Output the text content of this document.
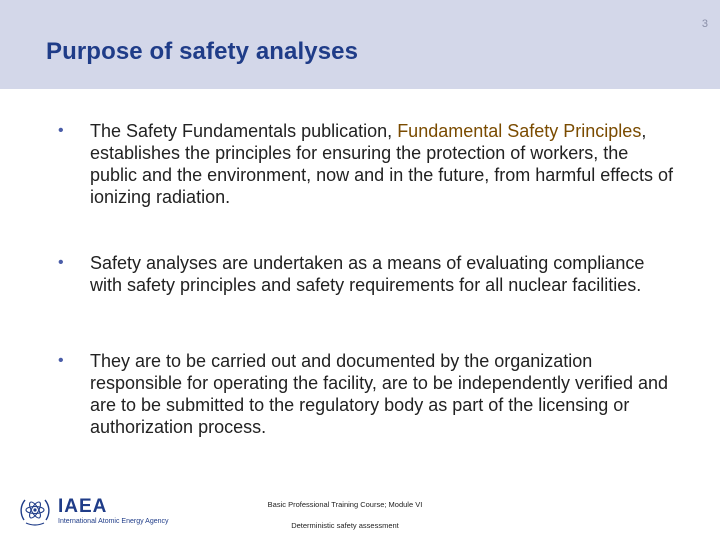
3
Purpose of safety analyses
• The Safety Fundamentals publication, Fundamental Safety Principles, establishes the principles for ensuring the protection of workers, the public and the environment, now and in the future, from harmful effects of ionizing radiation.
• Safety analyses are undertaken as a means of evaluating compliance with safety principles and safety requirements for all nuclear facilities.
• They are to be carried out and documented by the organization responsible for operating the facility, are to be independently verified and are to be submitted to the regulatory body as part of the licensing or authorization process.
IAEA
International Atomic Energy Agency
Basic Professional Training Course; Module VI
Deterministic safety assessment
